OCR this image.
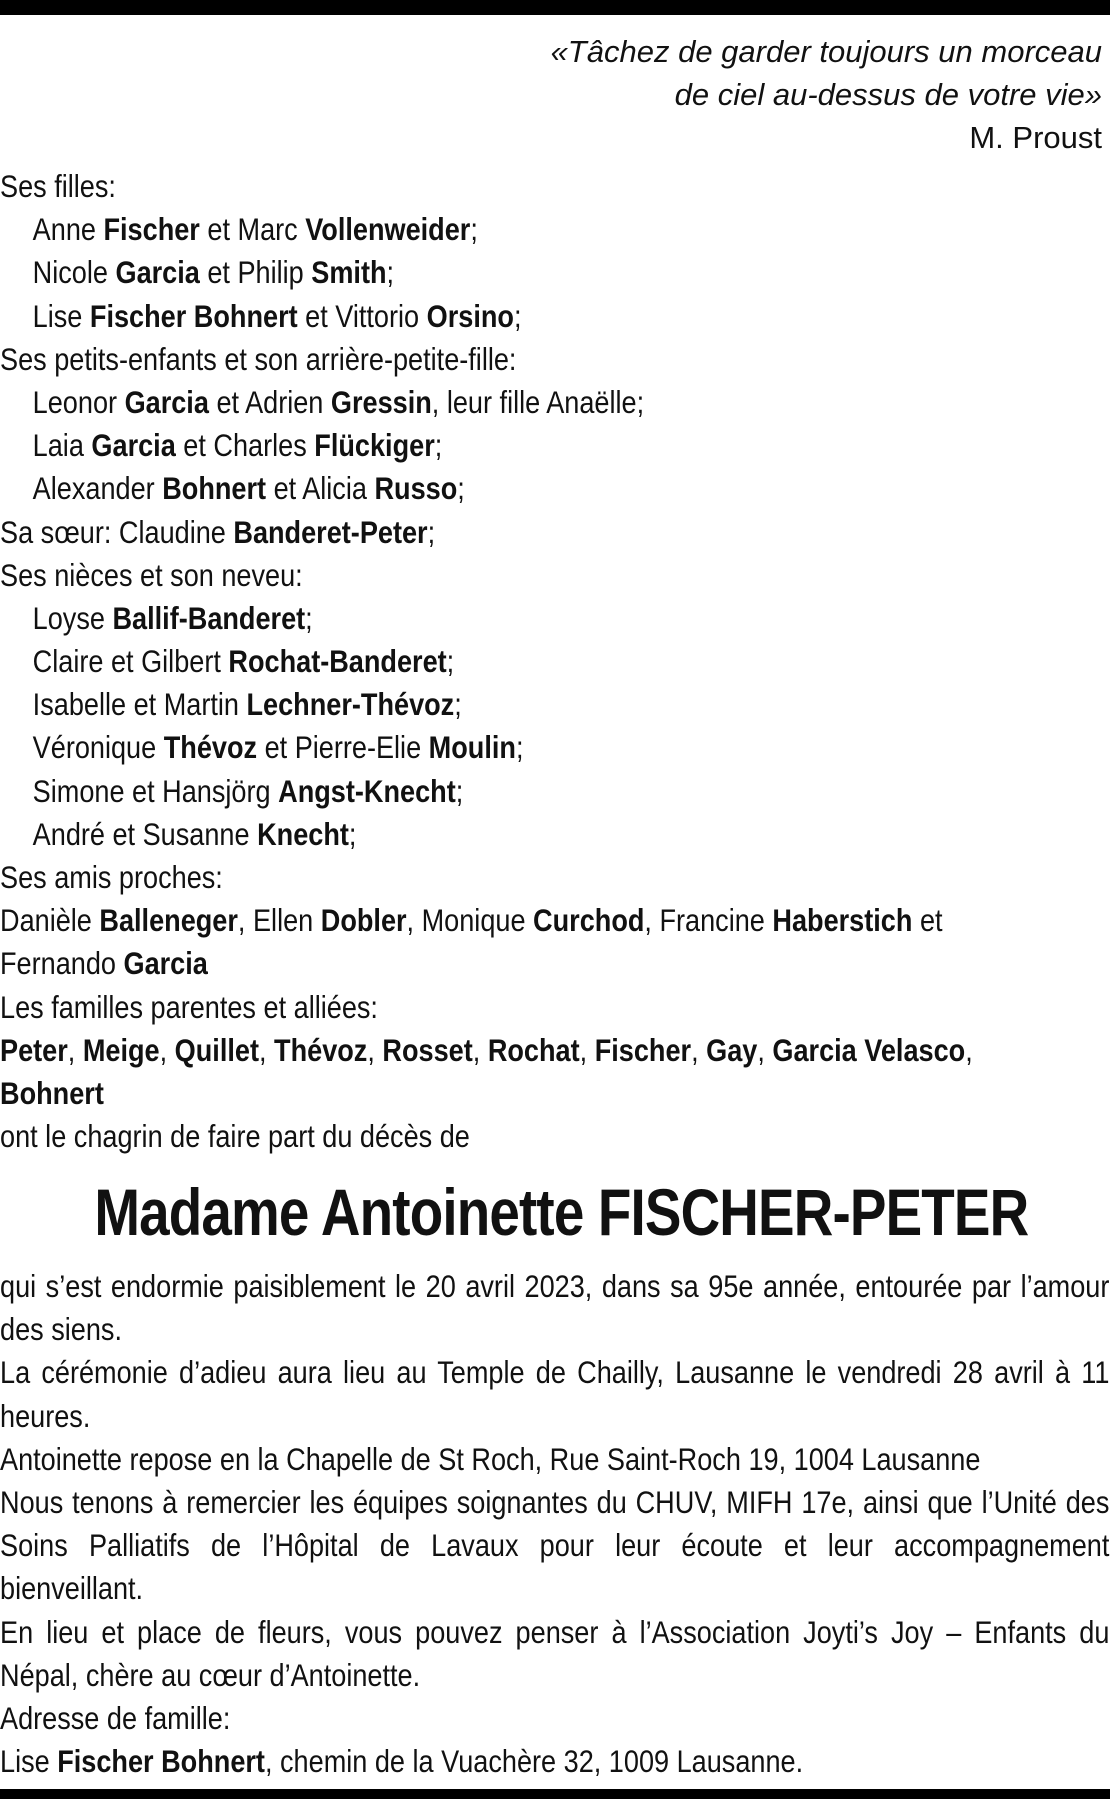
«Tâchez de garder toujours un morceau
de ciel au-dessus de votre vie»
M. Proust
Ses filles:
Anne Fischer et Marc Vollenweider;
Nicole Garcia et Philip Smith;
Lise Fischer Bohnert et Vittorio Orsino;
Ses petits-enfants et son arrière-petite-fille:
Leonor Garcia et Adrien Gressin, leur fille Anaëlle;
Laia Garcia et Charles Flückiger;
Alexander Bohnert et Alicia Russo;
Sa sœur: Claudine Banderet-Peter;
Ses nièces et son neveu:
Loyse Ballif-Banderet;
Claire et Gilbert Rochat-Banderet;
Isabelle et Martin Lechner-Thévoz;
Véronique Thévoz et Pierre-Elie Moulin;
Simone et Hansjörg Angst-Knecht;
André et Susanne Knecht;
Ses amis proches:
Danièle Balleneger, Ellen Dobler, Monique Curchod, Francine Haberstich et
Fernando Garcia
Les familles parentes et alliées:
Peter, Meige, Quillet, Thévoz, Rosset, Rochat, Fischer, Gay, Garcia Velasco,
Bohnert
ont le chagrin de faire part du décès de
Madame Antoinette FISCHER-PETER

qui s’est endormie paisiblement le 20 avril 2023, dans sa 95e année, entourée par l’amour des siens.

La cérémonie d’adieu aura lieu au Temple de Chailly, Lausanne le vendredi 28 avril à 11 heures.

Antoinette repose en la Chapelle de St Roch, Rue Saint-Roch 19, 1004 Lausanne

Nous tenons à remercier les équipes soignantes du CHUV, MIFH 17e, ainsi que l’Unité des Soins Palliatifs de l’Hôpital de Lavaux pour leur écoute et leur accompagnement bienveillant.

En lieu et place de fleurs, vous pouvez penser à l’Association Joyti’s Joy – Enfants du Népal, chère au cœur d’Antoinette.

Adresse de famille:

Lise Fischer Bohnert, chemin de la Vuachère 32, 1009 Lausanne.
